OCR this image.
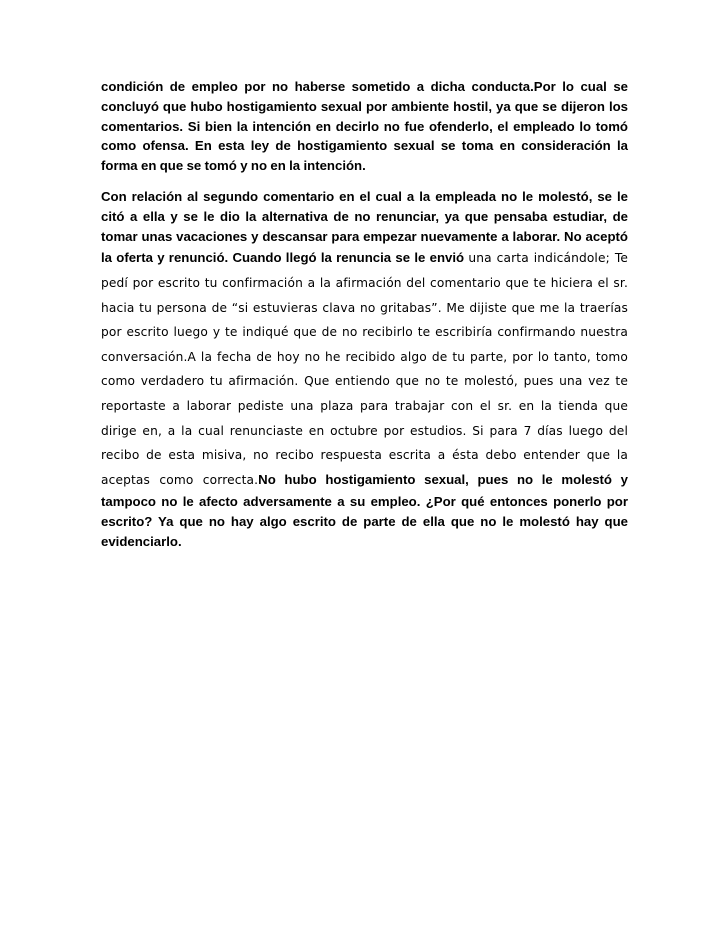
condición de empleo por no haberse sometido a dicha conducta.Por lo cual se concluyó que hubo hostigamiento sexual por ambiente hostil, ya que se dijeron los comentarios. Si bien la intención en decirlo no fue ofenderlo, el empleado lo tomó como ofensa. En esta ley de hostigamiento sexual se toma en consideración la forma en que se tomó y no en la intención.

Con relación al segundo comentario en el cual a la empleada no le molestó, se le citó a ella y se le dio la alternativa de no renunciar, ya que pensaba estudiar, de tomar unas vacaciones y descansar para empezar nuevamente a laborar. No aceptó la oferta y renunció. Cuando llegó la renuncia se le envió una carta indicándole; Te pedí por escrito tu confirmación a la afirmación del comentario que te hiciera el sr. hacia tu persona de “si estuvieras clava no gritabas”. Me dijiste que me la traerías por escrito luego y te indiqué que de no recibirlo te escribiría confirmando nuestra conversación.A la fecha de hoy no he recibido algo de tu parte, por lo tanto, tomo como verdadero tu afirmación. Que entiendo que no te molestó, pues una vez te reportaste a laborar pediste una plaza para trabajar con el sr. en la tienda que dirige en, a la cual renunciaste en octubre por estudios. Si para 7 días luego del recibo de esta misiva, no recibo respuesta escrita a ésta debo entender que la aceptas como correcta.No hubo hostigamiento sexual, pues no le molestó y tampoco no le afecto adversamente a su empleo. ¿Por qué entonces ponerlo por escrito? Ya que no hay algo escrito de parte de ella que no le molestó hay que evidenciarlo.
